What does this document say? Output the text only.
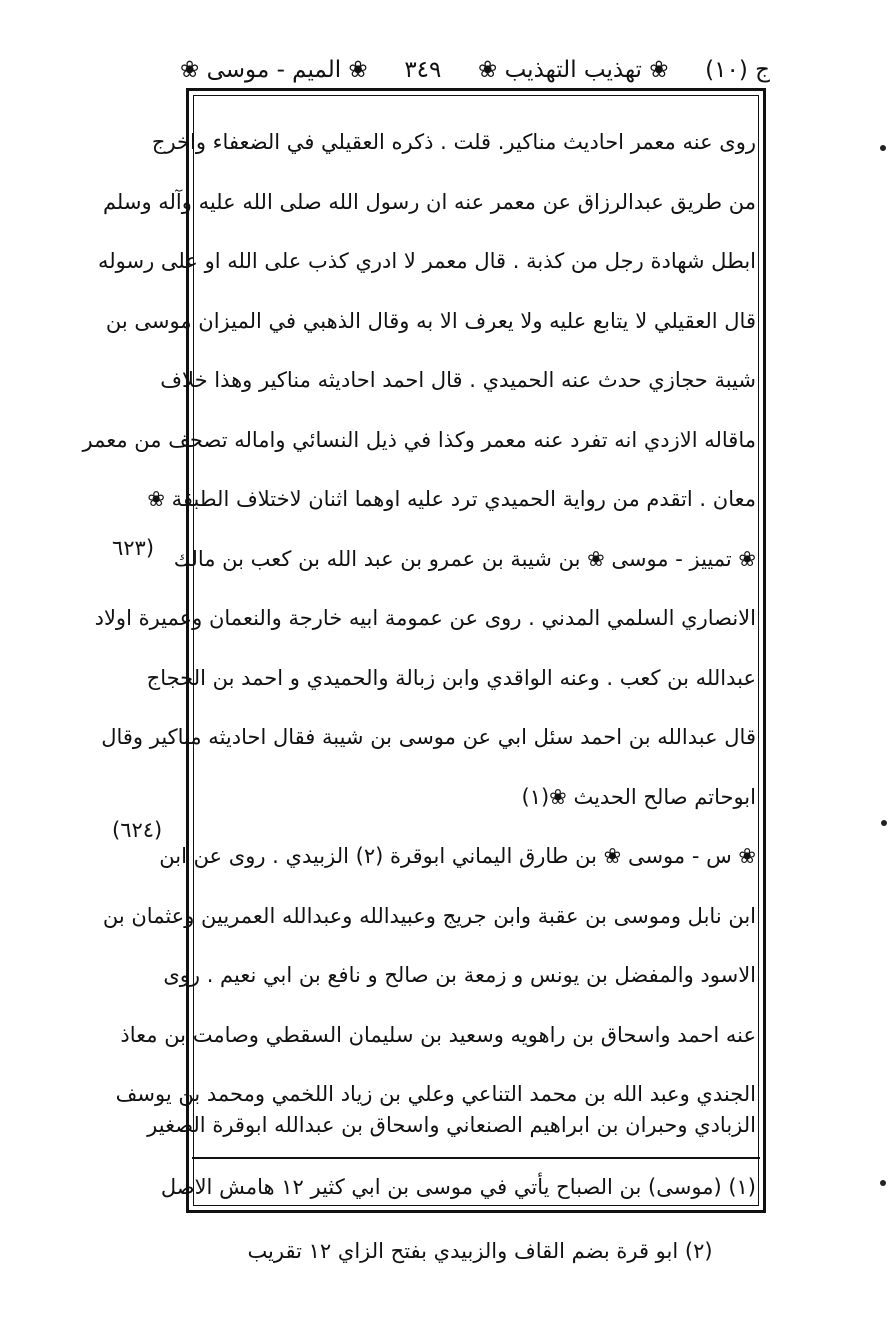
ج (١٠)
❀ تهذيب التهذيب ❀
٣٤٩
❀ الميم - موسى ❀
روى عنه معمر احاديث مناكير. قلت . ذكره العقيلي في الضعفاء واخرج
من طريق عبدالرزاق عن معمر عنه ان رسول الله صلى الله عليه وآله وسلم
ابطل شهادة رجل من كذبة . قال معمر لا ادري كذب على الله او على رسوله
قال العقيلي لا يتابع عليه ولا يعرف الا به وقال الذهبي في الميزان موسى بن
شيبة حجازي حدث عنه الحميدي . قال احمد احاديثه مناكير وهذا خلاف
ماقاله الازدي انه تفرد عنه معمر وكذا في ذيل النسائي واماله تصحف من معمر
معان . اتقدم من رواية الحميدي ترد عليه اوهما اثنان لاختلاف الطبقة ❀
❀ تمييز - موسى ❀ بن شيبة بن عمرو بن عبد الله بن كعب بن مالك
الانصاري السلمي المدني . روى عن عمومة ابيه خارجة والنعمان وعميرة اولاد
عبدالله بن كعب . وعنه الواقدي وابن زبالة والحميدي و احمد بن الحجاج
قال عبدالله بن احمد سئل ابي عن موسى بن شيبة فقال احاديثه مناكير وقال
ابوحاتم صالح الحديث ❀(١)
❀ س - موسى ❀ بن طارق اليماني ابوقرة (٢) الزبيدي . روى عن ابن
ابن نابل وموسى بن عقبة وابن جريج وعبيدالله وعبدالله العمريين وعثمان بن
الاسود والمفضل بن يونس و زمعة بن صالح و نافع بن ابي نعيم . روى
عنه احمد واسحاق بن راهويه وسعيد بن سليمان السقطي وصامت بن معاذ
الجندي وعبد الله بن محمد التناعي وعلي بن زياد اللخمي ومحمد بن يوسف
الزبادي وحبران بن ابراهيم الصنعاني واسحاق بن عبدالله ابوقرة الصغير
(١) (موسى) بن الصباح يأتي في موسى بن ابي كثير ١٢ هامش الاصل
(٢) ابو قرة بضم القاف والزبيدي بفتح الزاي ١٢ تقريب
(٦٢٣
(٦٢٤)
